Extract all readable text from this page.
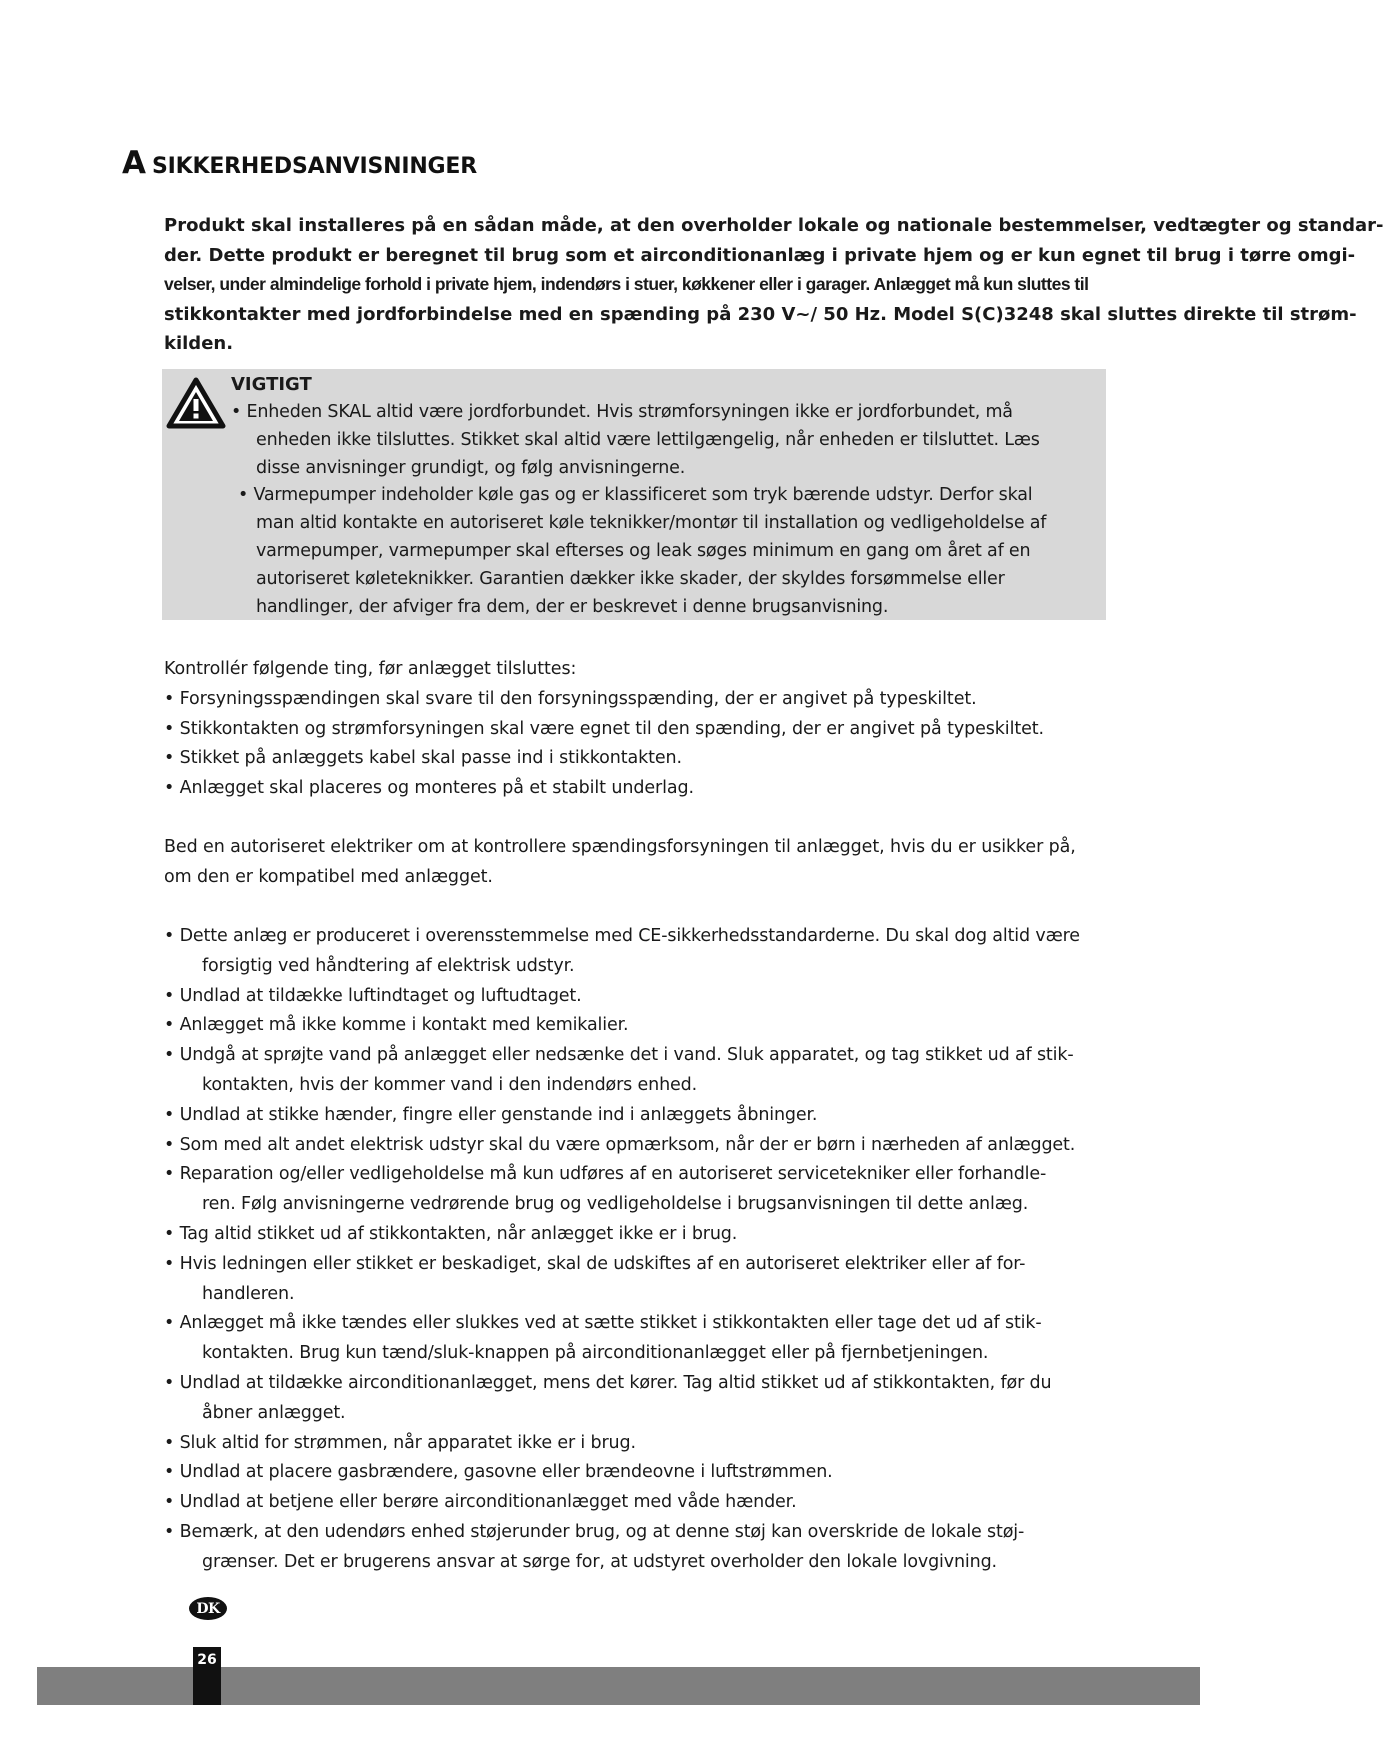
A SIKKERHEDSANVISNINGER
Produkt skal installeres på en sådan måde, at den overholder lokale og nationale bestemmelser, vedtægter og standar-
der. Dette produkt er beregnet til brug som et airconditionanlæg i private hjem og er kun egnet til brug i tørre omgi-
velser, under almindelige forhold i private hjem, indendørs i stuer, køkkener eller i garager. Anlægget må kun sluttes til
stikkontakter med jordforbindelse med en spænding på 230 V~/ 50 Hz. Model S(C)3248 skal sluttes direkte til strøm-
kilden.
VIGTIGT
• Enheden SKAL altid være jordforbundet. Hvis strømforsyningen ikke er jordforbundet, må
enheden ikke tilsluttes. Stikket skal altid være lettilgængelig, når enheden er tilsluttet. Læs
disse anvisninger grundigt, og følg anvisningerne.
• Varmepumper indeholder køle gas og er klassificeret som tryk bærende udstyr. Derfor skal
man altid kontakte en autoriseret køle teknikker/montør til installation og vedligeholdelse af
varmepumper, varmepumper skal efterses og leak søges minimum en gang om året af en
autoriseret køleteknikker. Garantien dækker ikke skader, der skyldes forsømmelse eller
handlinger, der afviger fra dem, der er beskrevet i denne brugsanvisning.
Kontrollér følgende ting, før anlægget tilsluttes:
• Forsyningsspændingen skal svare til den forsyningsspænding, der er angivet på typeskiltet.
• Stikkontakten og strømforsyningen skal være egnet til den spænding, der er angivet på typeskiltet.
• Stikket på anlæggets kabel skal passe ind i stikkontakten.
• Anlægget skal placeres og monteres på et stabilt underlag.
Bed en autoriseret elektriker om at kontrollere spændingsforsyningen til anlægget, hvis du er usikker på,
om den er kompatibel med anlægget.
• Dette anlæg er produceret i overensstemmelse med CE-sikkerhedsstandarderne. Du skal dog altid være
forsigtig ved håndtering af elektrisk udstyr.
• Undlad at tildække luftindtaget og luftudtaget.
• Anlægget må ikke komme i kontakt med kemikalier.
• Undgå at sprøjte vand på anlægget eller nedsænke det i vand. Sluk apparatet, og tag stikket ud af stik-
kontakten, hvis der kommer vand i den indendørs enhed.
• Undlad at stikke hænder, fingre eller genstande ind i anlæggets åbninger.
• Som med alt andet elektrisk udstyr skal du være opmærksom, når der er børn i nærheden af anlægget.
• Reparation og/eller vedligeholdelse må kun udføres af en autoriseret servicetekniker eller forhandle-
ren. Følg anvisningerne vedrørende brug og vedligeholdelse i brugsanvisningen til dette anlæg.
• Tag altid stikket ud af stikkontakten, når anlægget ikke er i brug.
• Hvis ledningen eller stikket er beskadiget, skal de udskiftes af en autoriseret elektriker eller af for-
handleren.
• Anlægget må ikke tændes eller slukkes ved at sætte stikket i stikkontakten eller tage det ud af stik-
kontakten. Brug kun tænd/sluk-knappen på airconditionanlægget eller på fjernbetjeningen.
• Undlad at tildække airconditionanlægget, mens det kører. Tag altid stikket ud af stikkontakten, før du
åbner anlægget.
• Sluk altid for strømmen, når apparatet ikke er i brug.
• Undlad at placere gasbrændere, gasovne eller brændeovne i luftstrømmen.
• Undlad at betjene eller berøre airconditionanlægget med våde hænder.
• Bemærk, at den udendørs enhed støjerunder brug, og at denne støj kan overskride de lokale støj-
grænser. Det er brugerens ansvar at sørge for, at udstyret overholder den lokale lovgivning.
DK
26
